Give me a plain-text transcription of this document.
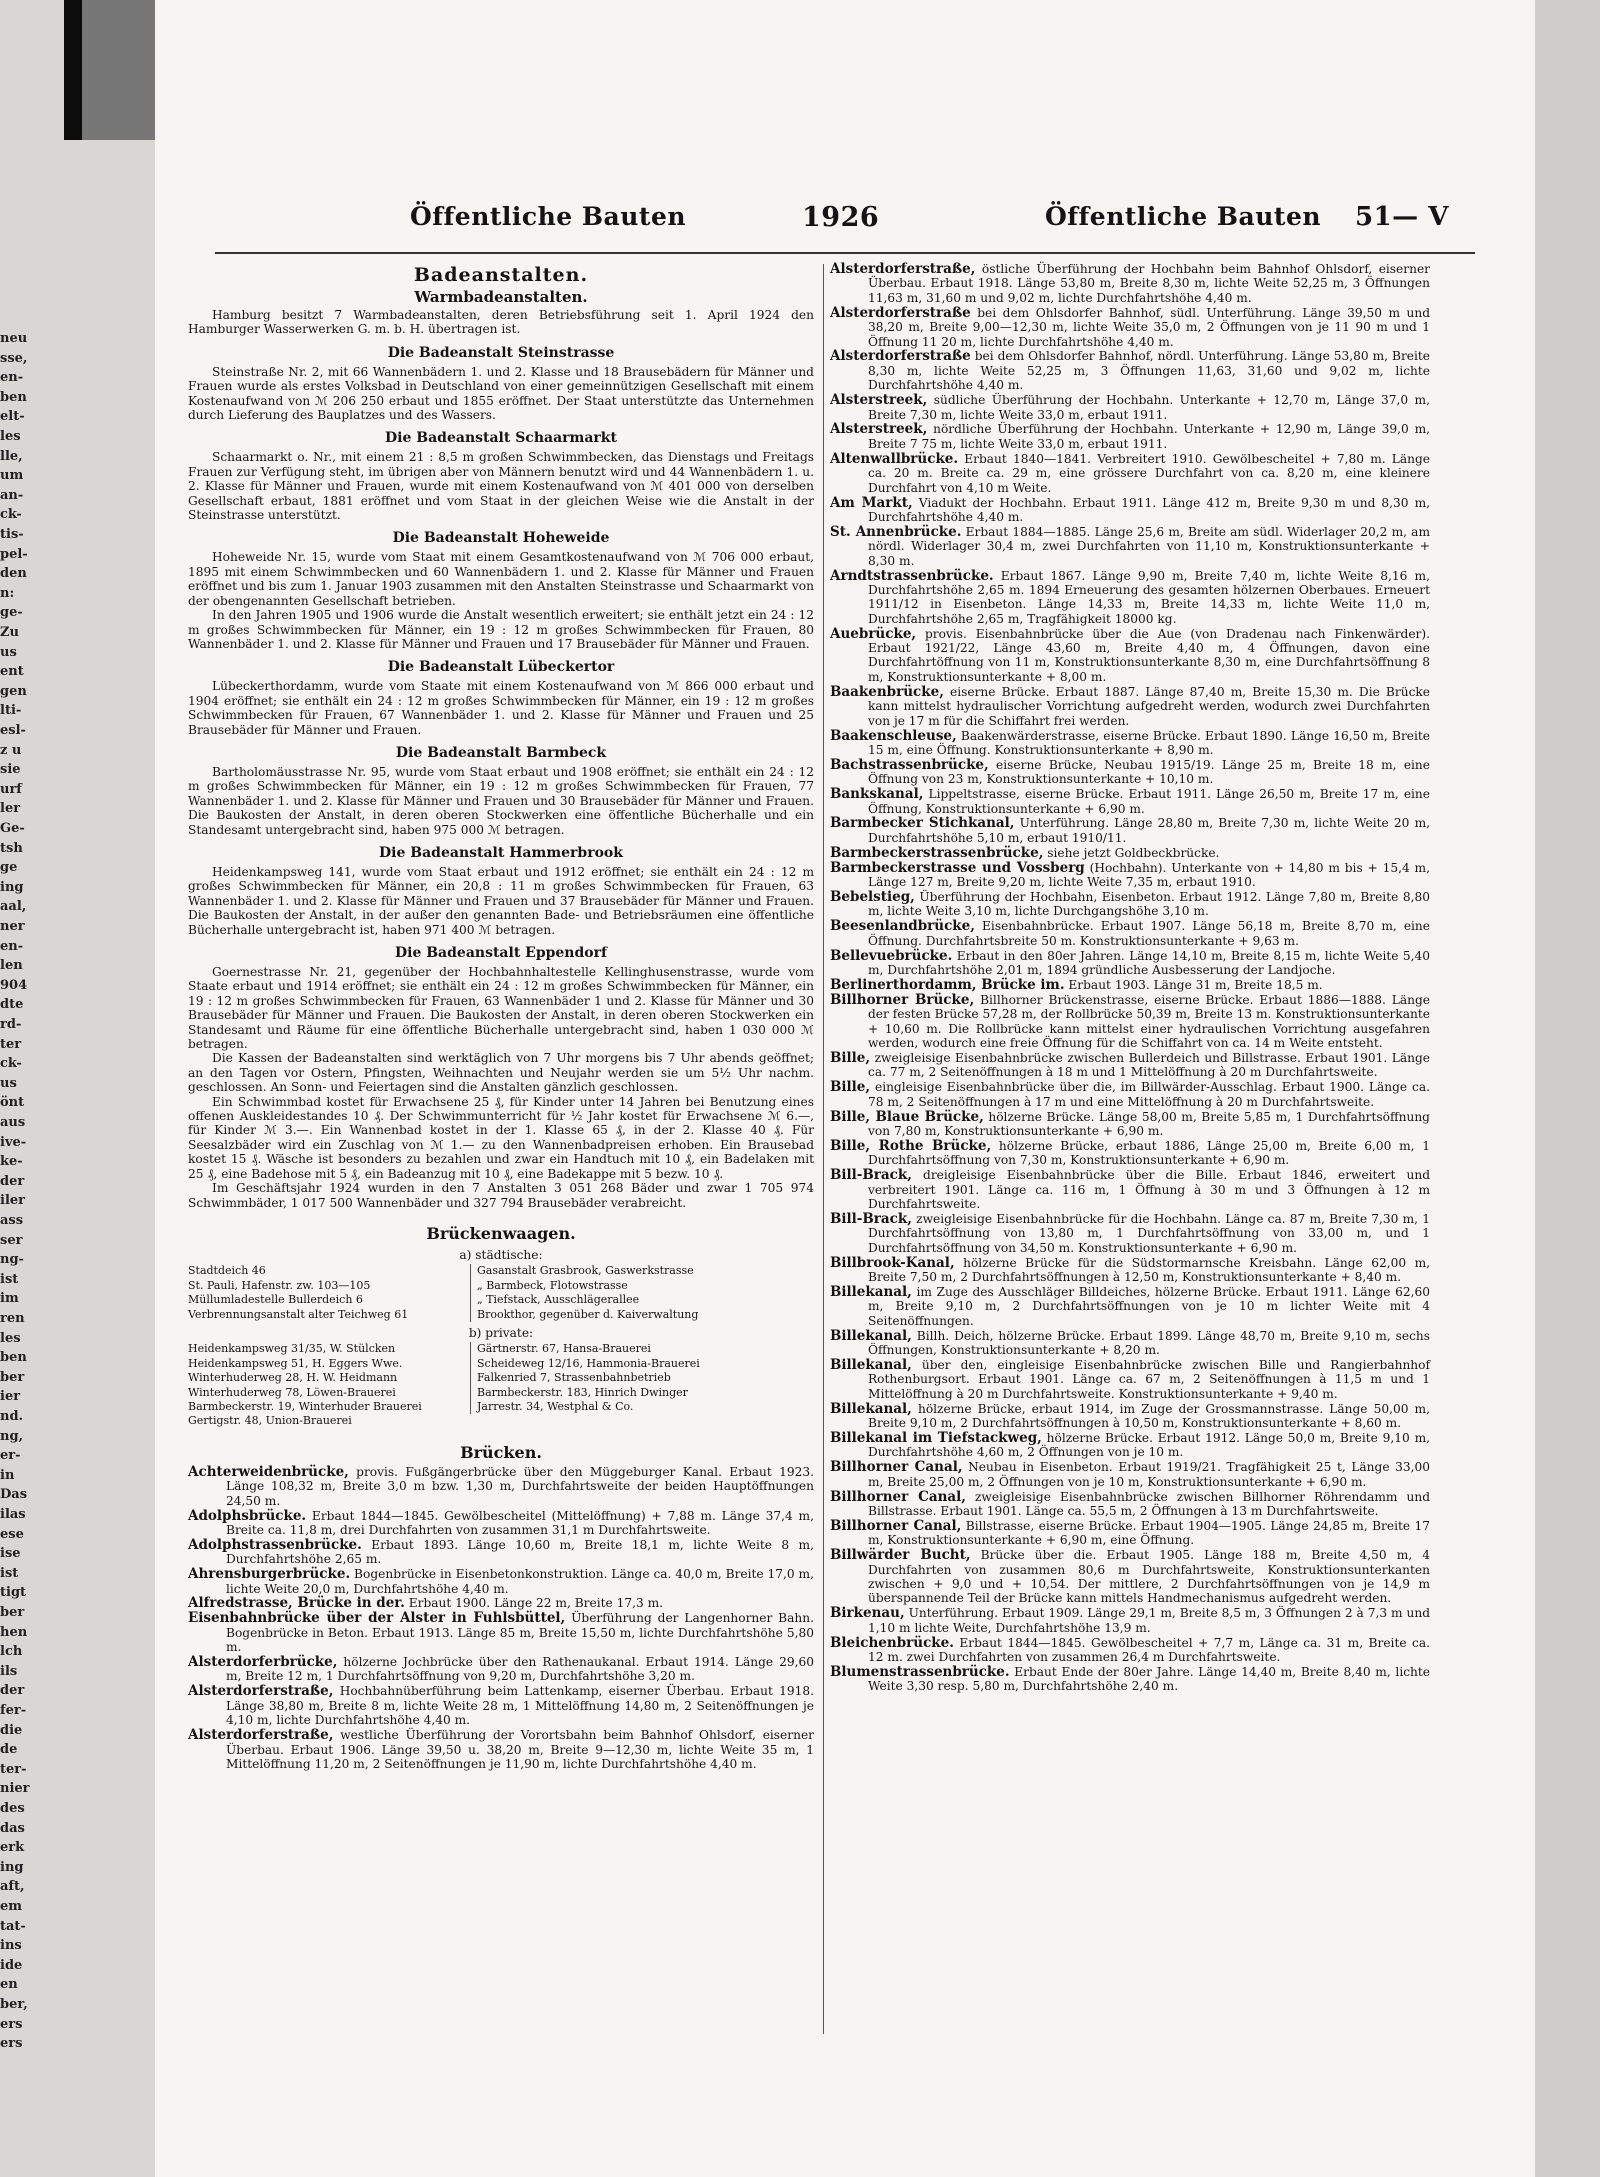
neu
sse,
en-
ben
elt-
les
lle,
um
an-
ck-
tis-
pel-
den
n:
ge-
Zu
us
ent
gen
lti-
esl-
z u
sie
urf
ler
Ge-
tsh
ge
ing
aal,
ner
en-
len
904
dte
rd-
ter
ck-
us
önt
aus
ive-
ke-
der
iler
ass
ser
ng-
ist
im
ren
les
ben
ber
ier
nd.
ng,
er-
in
Das
ilas
ese
ise
ist
tigt
ber
hen
lch
ils
der
fer-
die
de
ter-
nier
des
das
erk
ing
aft,
em
tat-
ins
ide
en
ber,
ers
ers
Öffentliche Bauten	1926	Öffentliche Bauten 51— V
Badeanstalten.
Warmbadeanstalten.

Hamburg besitzt 7 Warmbadeanstalten, deren Betriebsführung seit 1. April 1924 den Hamburger Wasserwerken G. m. b. H. übertragen ist.

Die Badeanstalt Steinstrasse

Steinstraße Nr. 2, mit 66 Wannenbädern 1. und 2. Klasse und 18 Brausebädern für Männer und Frauen wurde als erstes Volksbad in Deutschland von einer gemeinnützigen Gesellschaft mit einem Kostenaufwand von ℳ 206 250 erbaut und 1855 eröffnet. Der Staat unterstützte das Unternehmen durch Lieferung des Bauplatzes und des Wassers.

Die Badeanstalt Schaarmarkt

Schaarmarkt o. Nr., mit einem 21 : 8,5 m großen Schwimmbecken, das Dienstags und Freitags Frauen zur Verfügung steht, im übrigen aber von Männern benutzt wird und 44 Wannenbädern 1. u. 2. Klasse für Männer und Frauen, wurde mit einem Kostenaufwand von ℳ 401 000 von derselben Gesellschaft erbaut, 1881 eröffnet und vom Staat in der gleichen Weise wie die Anstalt in der Steinstrasse unterstützt.

Die Badeanstalt Hoheweide

Hoheweide Nr. 15, wurde vom Staat mit einem Gesamtkostenaufwand von ℳ 706 000 erbaut, 1895 mit einem Schwimmbecken und 60 Wannenbädern 1. und 2. Klasse für Männer und Frauen eröffnet und bis zum 1. Januar 1903 zusammen mit den Anstalten Steinstrasse und Schaarmarkt von der obengenannten Gesellschaft betrieben.

In den Jahren 1905 und 1906 wurde die Anstalt wesentlich erweitert; sie enthält jetzt ein 24 : 12 m großes Schwimmbecken für Männer, ein 19 : 12 m großes Schwimmbecken für Frauen, 80 Wannenbäder 1. und 2. Klasse für Männer und Frauen und 17 Brausebäder für Männer und Frauen.

Die Badeanstalt Lübeckertor

Lübeckerthordamm, wurde vom Staate mit einem Kostenaufwand von ℳ 866 000 erbaut und 1904 eröffnet; sie enthält ein 24 : 12 m großes Schwimmbecken für Männer, ein 19 : 12 m großes Schwimmbecken für Frauen, 67 Wannenbäder 1. und 2. Klasse für Männer und Frauen und 25 Brausebäder für Männer und Frauen.

Die Badeanstalt Barmbeck

Bartholomäusstrasse Nr. 95, wurde vom Staat erbaut und 1908 eröffnet; sie enthält ein 24 : 12 m großes Schwimmbecken für Männer, ein 19 : 12 m großes Schwimmbecken für Frauen, 77 Wannenbäder 1. und 2. Klasse für Männer und Frauen und 30 Brausebäder für Männer und Frauen. Die Baukosten der Anstalt, in deren oberen Stockwerken eine öffentliche Bücherhalle und ein Standesamt untergebracht sind, haben 975 000 ℳ betragen.

Die Badeanstalt Hammerbrook

Heidenkampsweg 141, wurde vom Staat erbaut und 1912 eröffnet; sie enthält ein 24 : 12 m großes Schwimmbecken für Männer, ein 20,8 : 11 m großes Schwimmbecken für Frauen, 63 Wannenbäder 1. und 2. Klasse für Männer und Frauen und 37 Brausebäder für Männer und Frauen. Die Baukosten der Anstalt, in der außer den genannten Bade- und Betriebsräumen eine öffentliche Bücherhalle untergebracht ist, haben 971 400 ℳ betragen.

Die Badeanstalt Eppendorf

Goernestrasse Nr. 21, gegenüber der Hochbahnhaltestelle Kellinghusenstrasse, wurde vom Staate erbaut und 1914 eröffnet; sie enthält ein 24 : 12 m großes Schwimmbecken für Männer, ein 19 : 12 m großes Schwimmbecken für Frauen, 63 Wannenbäder 1 und 2. Klasse für Männer und 30 Brausebäder für Männer und Frauen. Die Baukosten der Anstalt, in deren oberen Stockwerken ein Standesamt und Räume für eine öffentliche Bücherhalle untergebracht sind, haben 1 030 000 ℳ betragen.

Die Kassen der Badeanstalten sind werktäglich von 7 Uhr morgens bis 7 Uhr abends geöffnet; an den Tagen vor Ostern, Pfingsten, Weihnachten und Neujahr werden sie um 5½ Uhr nachm. geschlossen. An Sonn- und Feiertagen sind die Anstalten gänzlich geschlossen.

Ein Schwimmbad kostet für Erwachsene 25 ₰, für Kinder unter 14 Jahren bei Benutzung eines offenen Auskleidestandes 10 ₰. Der Schwimmunterricht für ½ Jahr kostet für Erwachsene ℳ 6.—, für Kinder ℳ 3.—. Ein Wannenbad kostet in der 1. Klasse 65 ₰, in der 2. Klasse 40 ₰. Für Seesalzbäder wird ein Zuschlag von ℳ 1.— zu den Wannenbadpreisen erhoben. Ein Brausebad kostet 15 ₰. Wäsche ist besonders zu bezahlen und zwar ein Handtuch mit 10 ₰, ein Badelaken mit 25 ₰, eine Badehose mit 5 ₰, ein Badeanzug mit 10 ₰, eine Badekappe mit 5 bezw. 10 ₰.

Im Geschäftsjahr 1924 wurden in den 7 Anstalten 3 051 268 Bäder und zwar 1 705 974 Schwimmbäder, 1 017 500 Wannenbäder und 327 794 Brausebäder verabreicht.

Brückenwaagen.
a) städtische:
Stadtdeich 46
St. Pauli, Hafenstr. zw. 103—105
Müllumladestelle Bullerdeich 6
Verbrennungsanstalt alter Teichweg 61
Gasanstalt Grasbrook, Gaswerkstrasse
„ Barmbeck, Flotowstrasse
„ Tiefstack, Ausschlägerallee
Brookthor, gegenüber d. Kaiverwaltung
b) private:
Heidenkampsweg 31/35, W. Stülcken
Heidenkampsweg 51, H. Eggers Wwe.
Winterhuderweg 28, H. W. Heidmann
Winterhuderweg 78, Löwen-Brauerei
Barmbeckerstr. 19, Winterhuder Brauerei
Gertigstr. 48, Union-Brauerei
Gärtnerstr. 67, Hansa-Brauerei
Scheideweg 12/16, Hammonia-Brauerei
Falkenried 7, Strassenbahnbetrieb
Barmbeckerstr. 183, Hinrich Dwinger
Jarrestr. 34, Westphal & Co.
Brücken.

Achterweidenbrücke, provis. Fußgängerbrücke über den Müggeburger Kanal. Erbaut 1923. Länge 108,32 m, Breite 3,0 m bzw. 1,30 m, Durchfahrtsweite der beiden Hauptöffnungen 24,50 m.

Adolphsbrücke. Erbaut 1844—1845. Gewölbescheitel (Mittelöffnung) + 7,88 m. Länge 37,4 m, Breite ca. 11,8 m, drei Durchfahrten von zusammen 31,1 m Durchfahrtsweite.

Adolphstrassenbrücke. Erbaut 1893. Länge 10,60 m, Breite 18,1 m, lichte Weite 8 m, Durchfahrtshöhe 2,65 m.

Ahrensburgerbrücke. Bogenbrücke in Eisenbetonkonstruktion. Länge ca. 40,0 m, Breite 17,0 m, lichte Weite 20,0 m, Durchfahrtshöhe 4,40 m.

Alfredstrasse, Brücke in der. Erbaut 1900. Länge 22 m, Breite 17,3 m.

Eisenbahnbrücke über der Alster in Fuhlsbüttel, Überführung der Langenhorner Bahn. Bogenbrücke in Beton. Erbaut 1913. Länge 85 m, Breite 15,50 m, lichte Durchfahrtshöhe 5,80 m.

Alsterdorferbrücke, hölzerne Jochbrücke über den Rathenaukanal. Erbaut 1914. Länge 29,60 m, Breite 12 m, 1 Durchfahrtsöffnung von 9,20 m, Durchfahrtshöhe 3,20 m.

Alsterdorferstraße, Hochbahnüberführung beim Lattenkamp, eiserner Überbau. Erbaut 1918. Länge 38,80 m, Breite 8 m, lichte Weite 28 m, 1 Mittelöffnung 14,80 m, 2 Seitenöffnungen je 4,10 m, lichte Durchfahrtshöhe 4,40 m.

Alsterdorferstraße, westliche Überführung der Vorortsbahn beim Bahnhof Ohlsdorf, eiserner Überbau. Erbaut 1906. Länge 39,50 u. 38,20 m, Breite 9—12,30 m, lichte Weite 35 m, 1 Mittelöffnung 11,20 m, 2 Seitenöffnungen je 11,90 m, lichte Durchfahrtshöhe 4,40 m.

Alsterdorferstraße, östliche Überführung der Hochbahn beim Bahnhof Ohlsdorf, eiserner Überbau. Erbaut 1918. Länge 53,80 m, Breite 8,30 m, lichte Weite 52,25 m, 3 Öffnungen 11,63 m, 31,60 m und 9,02 m, lichte Durchfahrtshöhe 4,40 m.

Alsterdorferstraße bei dem Ohlsdorfer Bahnhof, südl. Unterführung. Länge 39,50 m und 38,20 m, Breite 9,00—12,30 m, lichte Weite 35,0 m, 2 Öffnungen von je 11 90 m und 1 Öffnung 11 20 m, lichte Durchfahrtshöhe 4,40 m.

Alsterdorferstraße bei dem Ohlsdorfer Bahnhof, nördl. Unterführung. Länge 53,80 m, Breite 8,30 m, lichte Weite 52,25 m, 3 Öffnungen 11,63, 31,60 und 9,02 m, lichte Durchfahrtshöhe 4,40 m.

Alsterstreek, südliche Überführung der Hochbahn. Unterkante + 12,70 m, Länge 37,0 m, Breite 7,30 m, lichte Weite 33,0 m, erbaut 1911.

Alsterstreek, nördliche Überführung der Hochbahn. Unterkante + 12,90 m, Länge 39,0 m, Breite 7 75 m, lichte Weite 33,0 m, erbaut 1911.

Altenwallbrücke. Erbaut 1840—1841. Verbreitert 1910. Gewölbescheitel + 7,80 m. Länge ca. 20 m. Breite ca. 29 m, eine grössere Durchfahrt von ca. 8,20 m, eine kleinere Durchfahrt von 4,10 m Weite.

Am Markt, Viadukt der Hochbahn. Erbaut 1911. Länge 412 m, Breite 9,30 m und 8,30 m, Durchfahrtshöhe 4,40 m.

St. Annenbrücke. Erbaut 1884—1885. Länge 25,6 m, Breite am südl. Widerlager 20,2 m, am nördl. Widerlager 30,4 m, zwei Durchfahrten von 11,10 m, Konstruktionsunterkante + 8,30 m.

Arndtstrassenbrücke. Erbaut 1867. Länge 9,90 m, Breite 7,40 m, lichte Weite 8,16 m, Durchfahrtshöhe 2,65 m. 1894 Erneuerung des gesamten hölzernen Oberbaues. Erneuert 1911/12 in Eisenbeton. Länge 14,33 m, Breite 14,33 m, lichte Weite 11,0 m, Durchfahrtshöhe 2,65 m, Tragfähigkeit 18000 kg.

Auebrücke, provis. Eisenbahnbrücke über die Aue (von Dradenau nach Finkenwärder). Erbaut 1921/22, Länge 43,60 m, Breite 4,40 m, 4 Öffnungen, davon eine Durchfahrtöffnung von 11 m, Konstruktionsunterkante 8,30 m, eine Durchfahrtsöffnung 8 m, Konstruktionsunterkante + 8,00 m.

Baakenbrücke, eiserne Brücke. Erbaut 1887. Länge 87,40 m, Breite 15,30 m. Die Brücke kann mittelst hydraulischer Vorrichtung aufgedreht werden, wodurch zwei Durchfahrten von je 17 m für die Schiffahrt frei werden.

Baakenschleuse, Baakenwärderstrasse, eiserne Brücke. Erbaut 1890. Länge 16,50 m, Breite 15 m, eine Öffnung. Konstruktionsunterkante + 8,90 m.

Bachstrassenbrücke, eiserne Brücke, Neubau 1915/19. Länge 25 m, Breite 18 m, eine Öffnung von 23 m, Konstruktionsunterkante + 10,10 m.

Bankskanal, Lippeltstrasse, eiserne Brücke. Erbaut 1911. Länge 26,50 m, Breite 17 m, eine Öffnung, Konstruktionsunterkante + 6,90 m.

Barmbecker Stichkanal, Unterführung. Länge 28,80 m, Breite 7,30 m, lichte Weite 20 m, Durchfahrtshöhe 5,10 m, erbaut 1910/11.

Barmbeckerstrassenbrücke, siehe jetzt Goldbeckbrücke.

Barmbeckerstrasse und Vossberg (Hochbahn). Unterkante von + 14,80 m bis + 15,4 m, Länge 127 m, Breite 9,20 m, lichte Weite 7,35 m, erbaut 1910.

Bebelstieg, Überführung der Hochbahn, Eisenbeton. Erbaut 1912. Länge 7,80 m, Breite 8,80 m, lichte Weite 3,10 m, lichte Durchgangshöhe 3,10 m.

Beesenlandbrücke, Eisenbahnbrücke. Erbaut 1907. Länge 56,18 m, Breite 8,70 m, eine Öffnung. Durchfahrtsbreite 50 m. Konstruktionsunterkante + 9,63 m.

Bellevuebrücke. Erbaut in den 80er Jahren. Länge 14,10 m, Breite 8,15 m, lichte Weite 5,40 m, Durchfahrtshöhe 2,01 m, 1894 gründliche Ausbesserung der Landjoche.

Berlinerthordamm, Brücke im. Erbaut 1903. Länge 31 m, Breite 18,5 m.

Billhorner Brücke, Billhorner Brückenstrasse, eiserne Brücke. Erbaut 1886—1888. Länge der festen Brücke 57,28 m, der Rollbrücke 50,39 m, Breite 13 m. Konstruktionsunterkante + 10,60 m. Die Rollbrücke kann mittelst einer hydraulischen Vorrichtung ausgefahren werden, wodurch eine freie Öffnung für die Schiffahrt von ca. 14 m Weite entsteht.

Bille, zweigleisige Eisenbahnbrücke zwischen Bullerdeich und Billstrasse. Erbaut 1901. Länge ca. 77 m, 2 Seitenöffnungen à 18 m und 1 Mittelöffnung à 20 m Durchfahrtsweite.

Bille, eingleisige Eisenbahnbrücke über die, im Billwärder-Ausschlag. Erbaut 1900. Länge ca. 78 m, 2 Seitenöffnungen à 17 m und eine Mittelöffnung à 20 m Durchfahrtsweite.

Bille, Blaue Brücke, hölzerne Brücke. Länge 58,00 m, Breite 5,85 m, 1 Durchfahrtsöffnung von 7,80 m, Konstruktionsunterkante + 6,90 m.

Bille, Rothe Brücke, hölzerne Brücke, erbaut 1886, Länge 25,00 m, Breite 6,00 m, 1 Durchfahrtsöffnung von 7,30 m, Konstruktionsunterkante + 6,90 m.

Bill-Brack, dreigleisige Eisenbahnbrücke über die Bille. Erbaut 1846, erweitert und verbreitert 1901. Länge ca. 116 m, 1 Öffnung à 30 m und 3 Öffnungen à 12 m Durchfahrtsweite.

Bill-Brack, zweigleisige Eisenbahnbrücke für die Hochbahn. Länge ca. 87 m, Breite 7,30 m, 1 Durchfahrtsöffnung von 13,80 m, 1 Durchfahrtsöffnung von 33,00 m, und 1 Durchfahrtsöffnung von 34,50 m. Konstruktionsunterkante + 6,90 m.

Billbrook-Kanal, hölzerne Brücke für die Südstormarnsche Kreisbahn. Länge 62,00 m, Breite 7,50 m, 2 Durchfahrtsöffnungen à 12,50 m, Konstruktionsunterkante + 8,40 m.

Billekanal, im Zuge des Ausschläger Billdeiches, hölzerne Brücke. Erbaut 1911. Länge 62,60 m, Breite 9,10 m, 2 Durchfahrtsöffnungen von je 10 m lichter Weite mit 4 Seitenöffnungen.

Billekanal, Billh. Deich, hölzerne Brücke. Erbaut 1899. Länge 48,70 m, Breite 9,10 m, sechs Öffnungen, Konstruktionsunterkante + 8,20 m.

Billekanal, über den, eingleisige Eisenbahnbrücke zwischen Bille und Rangierbahnhof Rothenburgsort. Erbaut 1901. Länge ca. 67 m, 2 Seitenöffnungen à 11,5 m und 1 Mittelöffnung à 20 m Durchfahrtsweite. Konstruktionsunterkante + 9,40 m.

Billekanal, hölzerne Brücke, erbaut 1914, im Zuge der Grossmannstrasse. Länge 50,00 m, Breite 9,10 m, 2 Durchfahrtsöffnungen à 10,50 m, Konstruktionsunterkante + 8,60 m.

Billekanal im Tiefstackweg, hölzerne Brücke. Erbaut 1912. Länge 50,0 m, Breite 9,10 m, Durchfahrtshöhe 4,60 m, 2 Öffnungen von je 10 m.

Billhorner Canal, Neubau in Eisenbeton. Erbaut 1919/21. Tragfähigkeit 25 t, Länge 33,00 m, Breite 25,00 m, 2 Öffnungen von je 10 m, Konstruktionsunterkante + 6,90 m.

Billhorner Canal, zweigleisige Eisenbahnbrücke zwischen Billhorner Röhrendamm und Billstrasse. Erbaut 1901. Länge ca. 55,5 m, 2 Öffnungen à 13 m Durchfahrtsweite.

Billhorner Canal, Billstrasse, eiserne Brücke. Erbaut 1904—1905. Länge 24,85 m, Breite 17 m, Konstruktionsunterkante + 6,90 m, eine Öffnung.

Billwärder Bucht, Brücke über die. Erbaut 1905. Länge 188 m, Breite 4,50 m, 4 Durchfahrten von zusammen 80,6 m Durchfahrtsweite, Konstruktionsunterkanten zwischen + 9,0 und + 10,54. Der mittlere, 2 Durchfahrtsöffnungen von je 14,9 m überspannende Teil der Brücke kann mittels Handmechanismus aufgedreht werden.

Birkenau, Unterführung. Erbaut 1909. Länge 29,1 m, Breite 8,5 m, 3 Öffnungen 2 à 7,3 m und 1,10 m lichte Weite, Durchfahrtshöhe 13,9 m.

Bleichenbrücke. Erbaut 1844—1845. Gewölbescheitel + 7,7 m, Länge ca. 31 m, Breite ca. 12 m. zwei Durchfahrten von zusammen 26,4 m Durchfahrtsweite.

Blumenstrassenbrücke. Erbaut Ende der 80er Jahre. Länge 14,40 m, Breite 8,40 m, lichte Weite 3,30 resp. 5,80 m, Durchfahrtshöhe 2,40 m.
